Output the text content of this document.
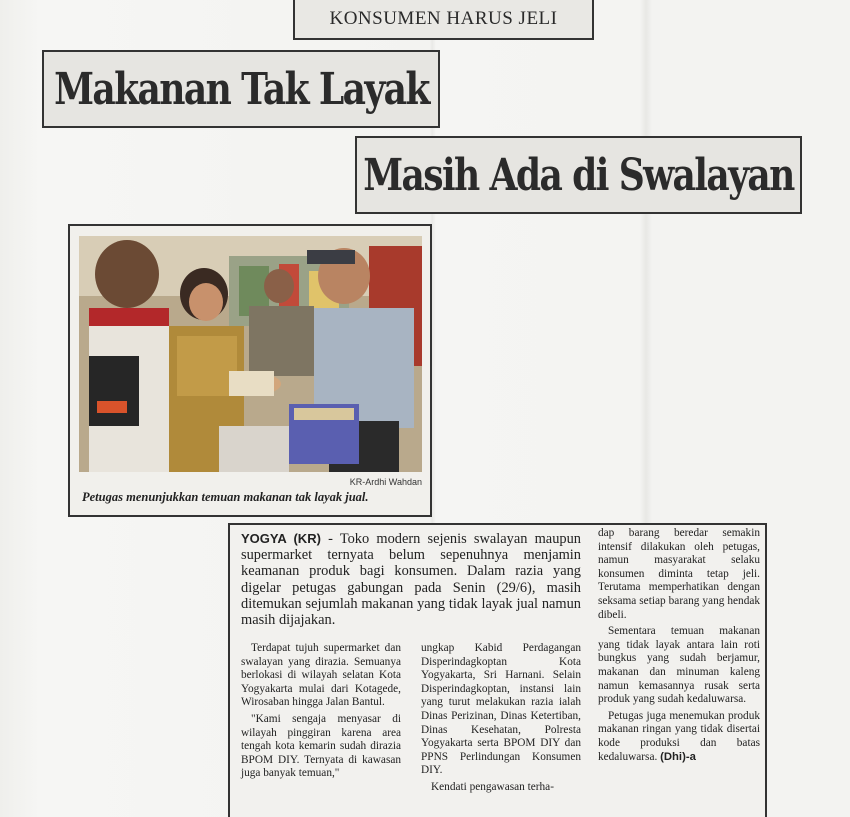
KONSUMEN HARUS JELI
Makanan Tak Layak
Masih Ada di Swalayan
KR-Ardhi Wahdan
Petugas menunjukkan temuan makanan tak layak jual.
YOGYA (KR) - Toko modern sejenis swalayan maupun supermarket ternyata belum sepenuhnya menjamin keamanan produk bagi konsumen. Dalam razia yang digelar petugas gabungan pada Senin (29/6), masih ditemukan sejumlah makanan yang tidak layak jual namun masih dijajakan.

Terdapat tujuh supermarket dan swalayan yang dirazia. Semuanya berlokasi di wilayah selatan Kota Yogyakarta mulai dari Kotagede, Wirosaban hingga Jalan Bantul.

"Kami sengaja menyasar di wilayah pinggiran karena area tengah kota kemarin sudah dirazia BPOM DIY. Ternyata di kawasan juga banyak temuan,"

ungkap Kabid Perdagangan Disperindagkoptan Kota Yogyakarta, Sri Harnani. Selain Disperindagkoptan, instansi lain yang turut melakukan razia ialah Dinas Perizinan, Dinas Ketertiban, Dinas Kesehatan, Polresta Yogyakarta serta BPOM DIY dan PPNS Perlindungan Konsumen DIY.

Kendati pengawasan terha-

dap barang beredar semakin intensif dilakukan oleh petugas, namun masyarakat selaku konsumen diminta tetap jeli. Terutama memperhatikan dengan seksama setiap barang yang hendak dibeli.

Sementara temuan makanan yang tidak layak antara lain roti bungkus yang sudah berjamur, makanan dan minuman kaleng namun kemasannya rusak serta produk yang sudah kedaluwarsa.

Petugas juga menemukan produk makanan ringan yang tidak disertai kode produksi dan batas kedaluwarsa. (Dhi)-a
